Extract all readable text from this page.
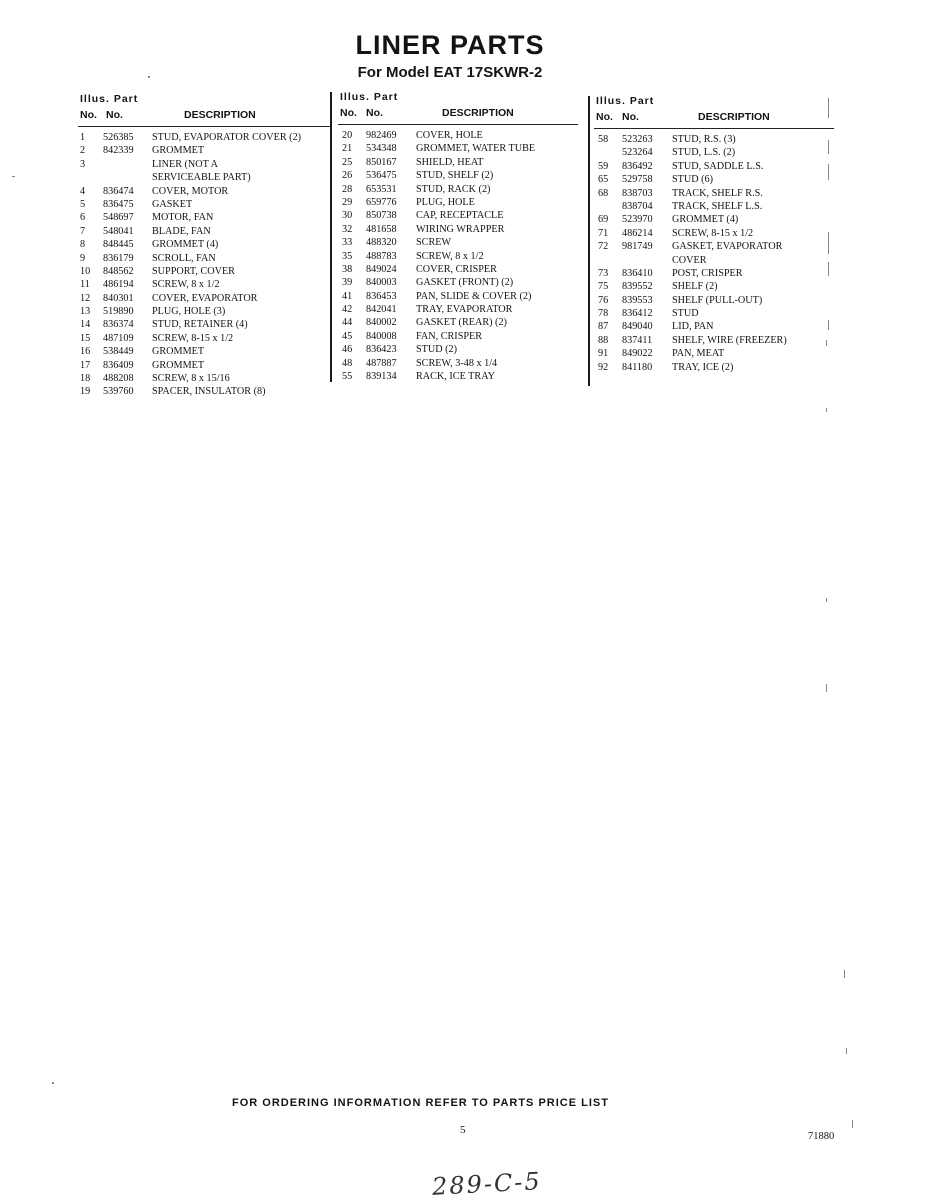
LINER PARTS
For Model EAT 17SKWR-2
Illus. Part
No. No.	DESCRIPTION
1 526385 STUD, EVAPORATOR COVER (2)
2 842339 GROMMET
3	LINER (NOT A
SERVICEABLE PART)
4 836474 COVER, MOTOR
5 836475 GASKET
6 548697 MOTOR, FAN
7 548041 BLADE, FAN
8 848445 GROMMET (4)
9 836179 SCROLL, FAN
10 848562 SUPPORT, COVER
11 486194 SCREW, 8 x 1/2
12 840301 COVER, EVAPORATOR
13 519890 PLUG, HOLE (3)
14 836374 STUD, RETAINER (4)
15 487109 SCREW, 8-15 x 1/2
16 538449 GROMMET
17 836409 GROMMET
18 488208 SCREW, 8 x 15/16
19 539760 SPACER, INSULATOR (8)
Illus. Part
No. No.	DESCRIPTION
20 982469 COVER, HOLE
21 534348 GROMMET, WATER TUBE
25 850167 SHIELD, HEAT
26 536475 STUD, SHELF (2)
28 653531 STUD, RACK (2)
29 659776 PLUG, HOLE
30 850738 CAP, RECEPTACLE
32 481658 WIRING WRAPPER
33 488320 SCREW
35 488783 SCREW, 8 x 1/2
38 849024 COVER, CRISPER
39 840003 GASKET (FRONT) (2)
41 836453 PAN, SLIDE & COVER (2)
42 842041 TRAY, EVAPORATOR
44 840002 GASKET (REAR) (2)
45 840008 FAN, CRISPER
46 836423 STUD (2)
48 487887 SCREW, 3-48 x 1/4
55 839134 RACK, ICE TRAY
Illus. Part
No. No.	DESCRIPTION
58 523263 STUD, R.S. (3)
523264 STUD, L.S. (2)
59 836492 STUD, SADDLE L.S.
65 529758 STUD (6)
68 838703 TRACK, SHELF R.S.
838704 TRACK, SHELF L.S.
69 523970 GROMMET (4)
71 486214 SCREW, 8-15 x 1/2
72 981749 GASKET, EVAPORATOR
COVER
73 836410 POST, CRISPER
75 839552 SHELF (2)
76 839553 SHELF (PULL-OUT)
78 836412 STUD
87 849040 LID, PAN
88 837411 SHELF, WIRE (FREEZER)
91 849022 PAN, MEAT
92 841180 TRAY, ICE (2)
FOR ORDERING INFORMATION REFER TO PARTS PRICE LIST
5
71880
289-C-5
